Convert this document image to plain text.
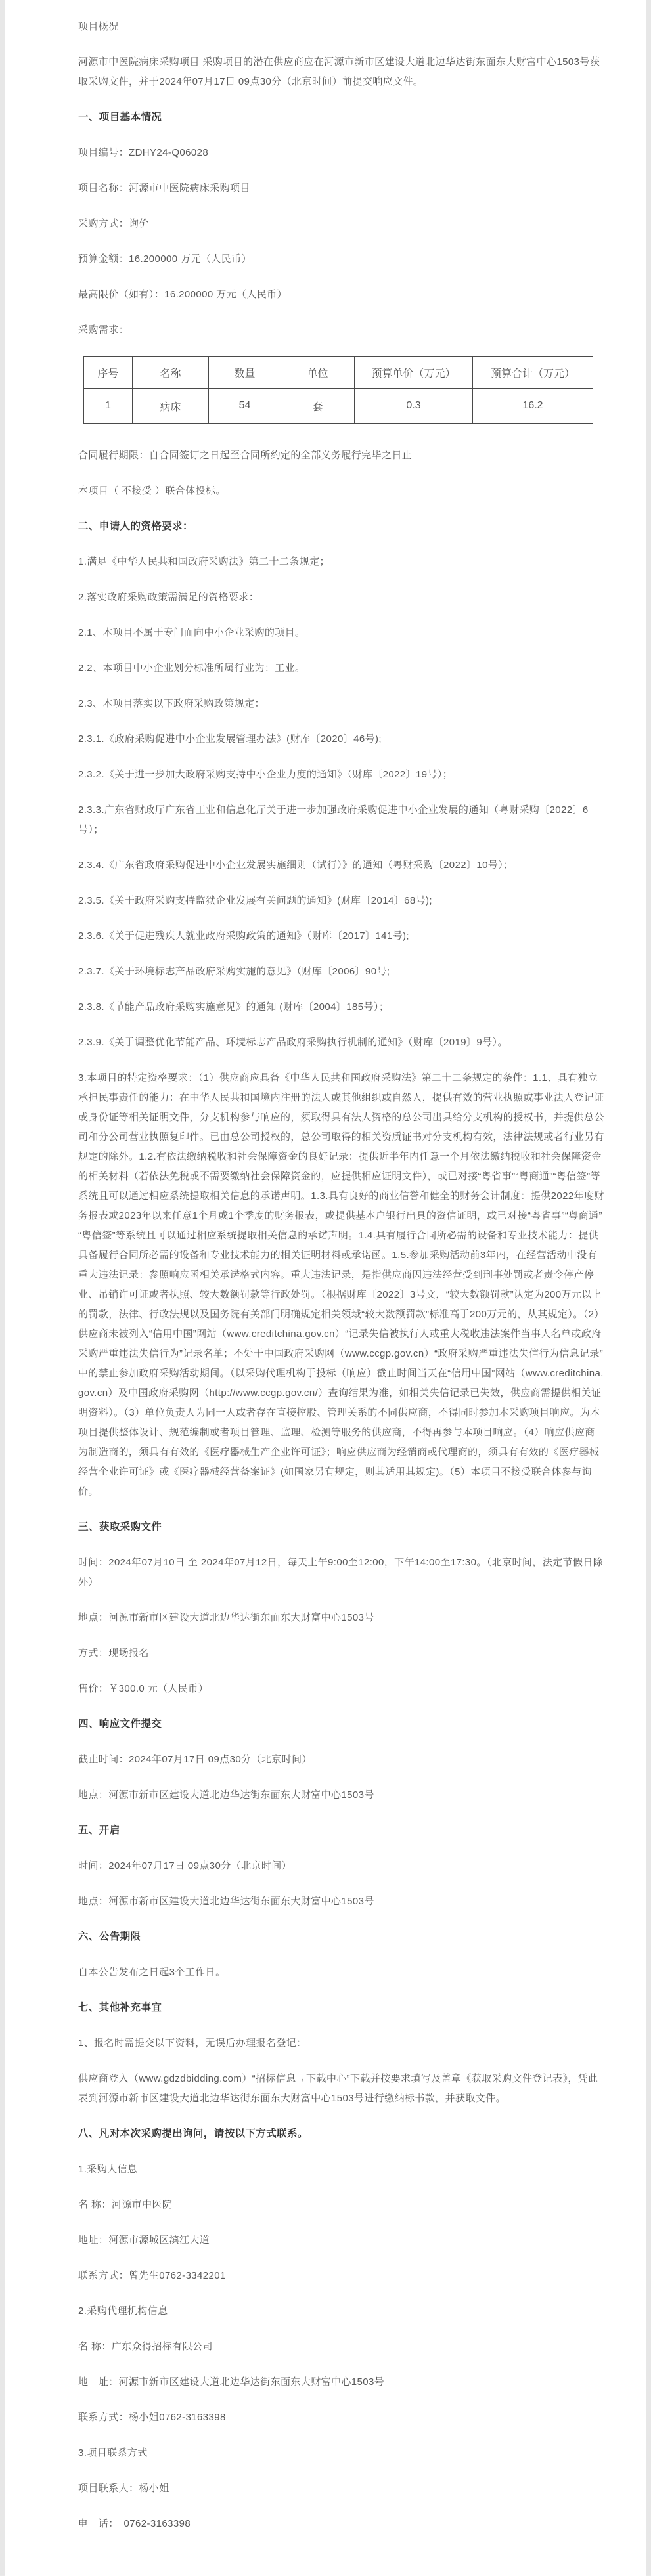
项目概况

河源市中医院病床采购项目 采购项目的潜在供应商应在河源市新市区建设大道北边华达街东面东大财富中心1503号获取采购文件，并于2024年07月17日 09点30分（北京时间）前提交响应文件。

一、项目基本情况

项目编号：ZDHY24-Q06028

项目名称：河源市中医院病床采购项目

采购方式：询价

预算金额：16.200000 万元（人民币）

最高限价（如有）：16.200000 万元（人民币）

采购需求：

序号	名称	数量	单位	预算单价（万元）	预算合计（万元）
1	病床	54	套	0.3	16.2

合同履行期限：自合同签订之日起至合同所约定的全部义务履行完毕之日止

本项目（ 不接受 ）联合体投标。

二、申请人的资格要求：

1.满足《中华人民共和国政府采购法》第二十二条规定；

2.落实政府采购政策需满足的资格要求：

2.1、本项目不属于专门面向中小企业采购的项目。

2.2、本项目中小企业划分标准所属行业为：工业。

2.3、本项目落实以下政府采购政策规定：

2.3.1.《政府采购促进中小企业发展管理办法》(财库〔2020〕46号);

2.3.2.《关于进一步加大政府采购支持中小企业力度的通知》（财库〔2022〕19号）；

2.3.3.广东省财政厅广东省工业和信息化厅关于进一步加强政府采购促进中小企业发展的通知（粤财采购〔2022〕6号）；

2.3.4.《广东省政府采购促进中小企业发展实施细则（试行）》的通知（粤财采购〔2022〕10号）；

2.3.5.《关于政府采购支持监狱企业发展有关问题的通知》(财库〔2014〕68号);

2.3.6.《关于促进残疾人就业政府采购政策的通知》（财库〔2017〕141号);

2.3.7.《关于环境标志产品政府采购实施的意见》（财库〔2006〕90号;

2.3.8.《节能产品政府采购实施意见》的通知 (财库〔2004〕185号）；

2.3.9.《关于调整优化节能产品、环境标志产品政府采购执行机制的通知》（财库〔2019〕9号）。

3.本项目的特定资格要求：（1）供应商应具备《中华人民共和国政府采购法》第二十二条规定的条件：1.1、具有独立承担民事责任的能力：在中华人民共和国境内注册的法人或其他组织或自然人，提供有效的营业执照或事业法人登记证或身份证等相关证明文件，分支机构参与响应的，须取得具有法人资格的总公司出具给分支机构的授权书，并提供总公司和分公司营业执照复印件。已由总公司授权的，总公司取得的相关资质证书对分支机构有效，法律法规或者行业另有规定的除外。1.2.有依法缴纳税收和社会保障资金的良好记录：提供近半年内任意一个月依法缴纳税收和社会保障资金的相关材料（若依法免税或不需要缴纳社会保障资金的，应提供相应证明文件），或已对接“粤省事”“粤商通”“粤信签”等系统且可以通过相应系统提取相关信息的承诺声明。1.3.具有良好的商业信誉和健全的财务会计制度：提供2022年度财务报表或2023年以来任意1个月或1个季度的财务报表，或提供基本户银行出具的资信证明，或已对接“粤省事”“粤商通”“粤信签”等系统且可以通过相应系统提取相关信息的承诺声明。1.4.具有履行合同所必需的设备和专业技术能力：提供具备履行合同所必需的设备和专业技术能力的相关证明材料或承诺函。1.5.参加采购活动前3年内，在经营活动中没有重大违法记录：参照响应函相关承诺格式内容。重大违法记录，是指供应商因违法经营受到刑事处罚或者责令停产停业、吊销许可证或者执照、较大数额罚款等行政处罚。（根据财库〔2022〕3号文，“较大数额罚款”认定为200万元以上的罚款，法律、行政法规以及国务院有关部门明确规定相关领域“较大数额罚款”标准高于200万元的，从其规定）。（2）供应商未被列入“信用中国”网站（www.creditchina.gov.cn）“记录失信被执行人或重大税收违法案件当事人名单或政府采购严重违法失信行为”记录名单；不处于中国政府采购网（www.ccgp.gov.cn）“政府采购严重违法失信行为信息记录”中的禁止参加政府采购活动期间。（以采购代理机构于投标（响应）截止时间当天在“信用中国”网站（www.creditchina.gov.cn）及中国政府采购网（http://www.ccgp.gov.cn/）查询结果为准，如相关失信记录已失效，供应商需提供相关证明资料）。（3）单位负责人为同一人或者存在直接控股、管理关系的不同供应商，不得同时参加本采购项目响应。为本项目提供整体设计、规范编制或者项目管理、监理、检测等服务的供应商，不得再参与本项目响应。（4）响应供应商为制造商的，须具有有效的《医疗器械生产企业许可证》；响应供应商为经销商或代理商的，须具有有效的《医疗器械经营企业许可证》或《医疗器械经营备案证》(如国家另有规定，则其适用其规定)。（5）本项目不接受联合体参与询价。

三、获取采购文件

时间：2024年07月10日 至 2024年07月12日，每天上午9:00至12:00，下午14:00至17:30。（北京时间，法定节假日除外）

地点：河源市新市区建设大道北边华达街东面东大财富中心1503号

方式：现场报名

售价：￥300.0 元（人民币）

四、响应文件提交

截止时间：2024年07月17日 09点30分（北京时间）

地点：河源市新市区建设大道北边华达街东面东大财富中心1503号

五、开启

时间：2024年07月17日 09点30分（北京时间）

地点：河源市新市区建设大道北边华达街东面东大财富中心1503号

六、公告期限

自本公告发布之日起3个工作日。

七、其他补充事宜

1、报名时需提交以下资料，无误后办理报名登记：

供应商登入（www.gdzdbidding.com）“招标信息→下载中心”下载并按要求填写及盖章《获取采购文件登记表》，凭此表到河源市新市区建设大道北边华达街东面东大财富中心1503号进行缴纳标书款，并获取文件。

八、凡对本次采购提出询问，请按以下方式联系。

1.采购人信息

名 称：河源市中医院

地址：河源市源城区滨江大道

联系方式：曾先生0762-3342201

2.采购代理机构信息

名 称：广东众得招标有限公司

地　址：河源市新市区建设大道北边华达街东面东大财富中心1503号

联系方式：杨小姐0762-3163398

3.项目联系方式

项目联系人：杨小姐

电　话：　0762-3163398
